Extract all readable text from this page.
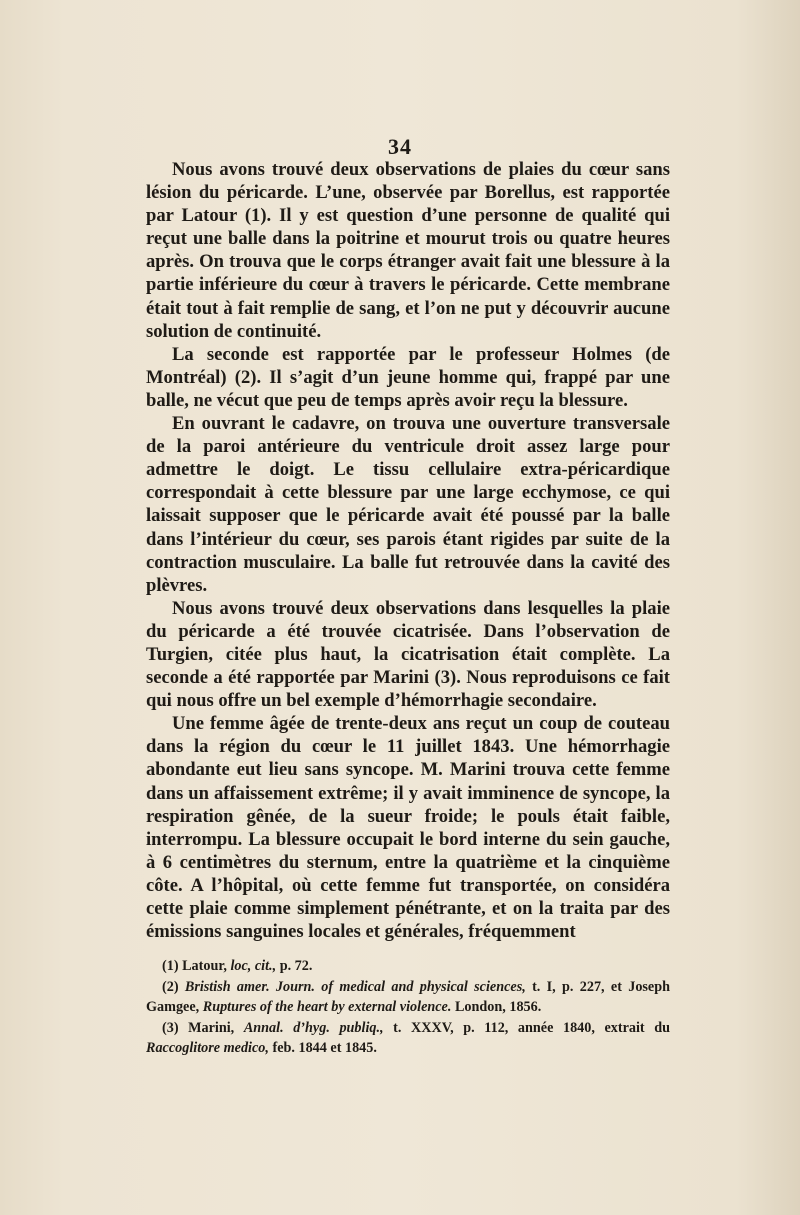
34

Nous avons trouvé deux observations de plaies du cœur sans lésion du péricarde. L’une, observée par Borellus, est rapportée par Latour (1). Il y est question d’une personne de qualité qui reçut une balle dans la poitrine et mourut trois ou quatre heures après. On trouva que le corps étranger avait fait une blessure à la partie inférieure du cœur à travers le péricarde. Cette membrane était tout à fait remplie de sang, et l’on ne put y découvrir aucune solution de continuité.

La seconde est rapportée par le professeur Holmes (de Montréal) (2). Il s’agit d’un jeune homme qui, frappé par une balle, ne vécut que peu de temps après avoir reçu la blessure.

En ouvrant le cadavre, on trouva une ouverture transversale de la paroi antérieure du ventricule droit assez large pour admettre le doigt. Le tissu cellulaire extra-péricardique correspondait à cette blessure par une large ecchymose, ce qui laissait supposer que le péricarde avait été poussé par la balle dans l’intérieur du cœur, ses parois étant rigides par suite de la contraction musculaire. La balle fut retrouvée dans la cavité des plèvres.

Nous avons trouvé deux observations dans lesquelles la plaie du péricarde a été trouvée cicatrisée. Dans l’observation de Turgien, citée plus haut, la cicatrisation était complète. La seconde a été rapportée par Marini (3). Nous reproduisons ce fait qui nous offre un bel exemple d’hémorrhagie secondaire.

Une femme âgée de trente-deux ans reçut un coup de couteau dans la région du cœur le 11 juillet 1843. Une hémorrhagie abondante eut lieu sans syncope. M. Marini trouva cette femme dans un affaissement extrême; il y avait imminence de syncope, la respiration gênée, de la sueur froide; le pouls était faible, interrompu. La blessure occupait le bord interne du sein gauche, à 6 centimètres du sternum, entre la quatrième et la cinquième côte. A l’hôpital, où cette femme fut transportée, on considéra cette plaie comme simplement pénétrante, et on la traita par des émissions sanguines locales et générales, fréquemment

(1) Latour, loc, cit., p. 72.

(2) Bristish amer. Journ. of medical and physical sciences, t. I, p. 227, et Joseph Gamgee, Ruptures of the heart by external violence. London, 1856.

(3) Marini, Annal. d’hyg. publiq., t. XXXV, p. 112, année 1840, extrait du Raccoglitore medico, feb. 1844 et 1845.
